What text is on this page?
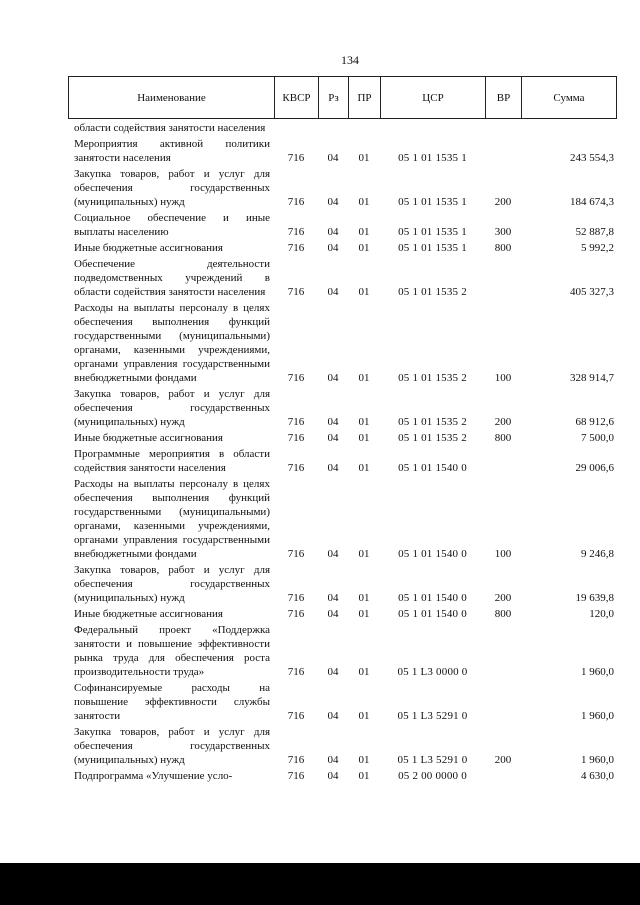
134
Наименование	КВСР	Рз	ПР	ЦСР	ВР	Сумма
области содействия занятости населения						
Мероприятия активной политики занятости населения	716	04	01	05 1 01 1535 1		243 554,3
Закупка товаров, работ и услуг для обеспечения государственных (муниципальных) нужд	716	04	01	05 1 01 1535 1	200	184 674,3
Социальное обеспечение и иные выплаты населению	716	04	01	05 1 01 1535 1	300	52 887,8
Иные бюджетные ассигнования	716	04	01	05 1 01 1535 1	800	5 992,2
Обеспечение деятельности подведомственных учреждений в области содействия занятости населения	716	04	01	05 1 01 1535 2		405 327,3
Расходы на выплаты персоналу в целях обеспечения выполнения функций государственными (муниципальными) органами, казенными учреждениями, органами управления государственными внебюджетными фондами	716	04	01	05 1 01 1535 2	100	328 914,7
Закупка товаров, работ и услуг для обеспечения государственных (муниципальных) нужд	716	04	01	05 1 01 1535 2	200	68 912,6
Иные бюджетные ассигнования	716	04	01	05 1 01 1535 2	800	7 500,0
Программные мероприятия в области содействия занятости населения	716	04	01	05 1 01 1540 0		29 006,6
Расходы на выплаты персоналу в целях обеспечения выполнения функций государственными (муниципальными) органами, казенными учреждениями, органами управления государственными внебюджетными фондами	716	04	01	05 1 01 1540 0	100	9 246,8
Закупка товаров, работ и услуг для обеспечения государственных (муниципальных) нужд	716	04	01	05 1 01 1540 0	200	19 639,8
Иные бюджетные ассигнования	716	04	01	05 1 01 1540 0	800	120,0
Федеральный проект «Поддержка занятости и повышение эффективности рынка труда для обеспечения роста производительности труда»	716	04	01	05 1 L3 0000 0		1 960,0
Софинансируемые расходы на повышение эффективности службы занятости	716	04	01	05 1 L3 5291 0		1 960,0
Закупка товаров, работ и услуг для обеспечения государственных (муниципальных) нужд	716	04	01	05 1 L3 5291 0	200	1 960,0
Подпрограмма «Улучшение усло-	716	04	01	05 2 00 0000 0		4 630,0
